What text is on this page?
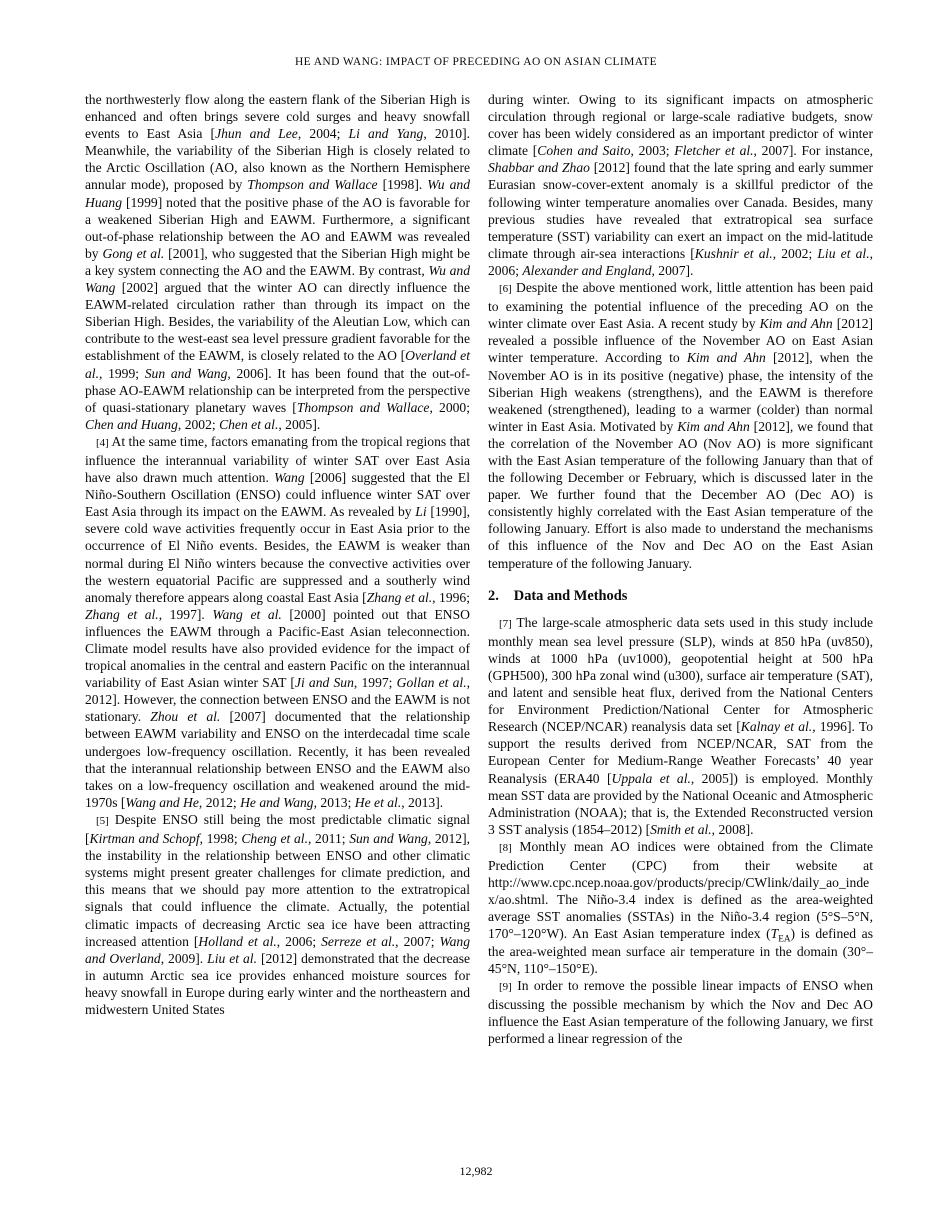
HE AND WANG: IMPACT OF PRECEDING AO ON ASIAN CLIMATE

the northwesterly flow along the eastern flank of the Siberian High is enhanced and often brings severe cold surges and heavy snowfall events to East Asia [Jhun and Lee, 2004; Li and Yang, 2010]. Meanwhile, the variability of the Siberian High is closely related to the Arctic Oscillation (AO, also known as the Northern Hemisphere annular mode), proposed by Thompson and Wallace [1998]. Wu and Huang [1999] noted that the positive phase of the AO is favorable for a weakened Siberian High and EAWM. Furthermore, a significant out-of-phase relationship between the AO and EAWM was revealed by Gong et al. [2001], who suggested that the Siberian High might be a key system connecting the AO and the EAWM. By contrast, Wu and Wang [2002] argued that the winter AO can directly influence the EAWM-related circulation rather than through its impact on the Siberian High. Besides, the variability of the Aleutian Low, which can contribute to the west-east sea level pressure gradient favorable for the establishment of the EAWM, is closely related to the AO [Overland et al., 1999; Sun and Wang, 2006]. It has been found that the out-of-phase AO-EAWM relationship can be interpreted from the perspective of quasi-stationary planetary waves [Thompson and Wallace, 2000; Chen and Huang, 2002; Chen et al., 2005].

[4] At the same time, factors emanating from the tropical regions that influence the interannual variability of winter SAT over East Asia have also drawn much attention. Wang [2006] suggested that the El Niño-Southern Oscillation (ENSO) could influence winter SAT over East Asia through its impact on the EAWM. As revealed by Li [1990], severe cold wave activities frequently occur in East Asia prior to the occurrence of El Niño events. Besides, the EAWM is weaker than normal during El Niño winters because the convective activities over the western equatorial Pacific are suppressed and a southerly wind anomaly therefore appears along coastal East Asia [Zhang et al., 1996; Zhang et al., 1997]. Wang et al. [2000] pointed out that ENSO influences the EAWM through a Pacific-East Asian teleconnection. Climate model results have also provided evidence for the impact of tropical anomalies in the central and eastern Pacific on the interannual variability of East Asian winter SAT [Ji and Sun, 1997; Gollan et al., 2012]. However, the connection between ENSO and the EAWM is not stationary. Zhou et al. [2007] documented that the relationship between EAWM variability and ENSO on the interdecadal time scale undergoes low-frequency oscillation. Recently, it has been revealed that the interannual relationship between ENSO and the EAWM also takes on a low-frequency oscillation and weakened around the mid-1970s [Wang and He, 2012; He and Wang, 2013; He et al., 2013].

[5] Despite ENSO still being the most predictable climatic signal [Kirtman and Schopf, 1998; Cheng et al., 2011; Sun and Wang, 2012], the instability in the relationship between ENSO and other climatic systems might present greater challenges for climate prediction, and this means that we should pay more attention to the extratropical signals that could influence the climate. Actually, the potential climatic impacts of decreasing Arctic sea ice have been attracting increased attention [Holland et al., 2006; Serreze et al., 2007; Wang and Overland, 2009]. Liu et al. [2012] demonstrated that the decrease in autumn Arctic sea ice provides enhanced moisture sources for heavy snowfall in Europe during early winter and the northeastern and midwestern United States

during winter. Owing to its significant impacts on atmospheric circulation through regional or large-scale radiative budgets, snow cover has been widely considered as an important predictor of winter climate [Cohen and Saito, 2003; Fletcher et al., 2007]. For instance, Shabbar and Zhao [2012] found that the late spring and early summer Eurasian snow-cover-extent anomaly is a skillful predictor of the following winter temperature anomalies over Canada. Besides, many previous studies have revealed that extratropical sea surface temperature (SST) variability can exert an impact on the mid-latitude climate through air-sea interactions [Kushnir et al., 2002; Liu et al., 2006; Alexander and England, 2007].

[6] Despite the above mentioned work, little attention has been paid to examining the potential influence of the preceding AO on the winter climate over East Asia. A recent study by Kim and Ahn [2012] revealed a possible influence of the November AO on East Asian winter temperature. According to Kim and Ahn [2012], when the November AO is in its positive (negative) phase, the intensity of the Siberian High weakens (strengthens), and the EAWM is therefore weakened (strengthened), leading to a warmer (colder) than normal winter in East Asia. Motivated by Kim and Ahn [2012], we found that the correlation of the November AO (Nov AO) is more significant with the East Asian temperature of the following January than that of the following December or February, which is discussed later in the paper. We further found that the December AO (Dec AO) is consistently highly correlated with the East Asian temperature of the following January. Effort is also made to understand the mechanisms of this influence of the Nov and Dec AO on the East Asian temperature of the following January.

2. Data and Methods

[7] The large-scale atmospheric data sets used in this study include monthly mean sea level pressure (SLP), winds at 850 hPa (uv850), winds at 1000 hPa (uv1000), geopotential height at 500 hPa (GPH500), 300 hPa zonal wind (u300), surface air temperature (SAT), and latent and sensible heat flux, derived from the National Centers for Environment Prediction/National Center for Atmospheric Research (NCEP/NCAR) reanalysis data set [Kalnay et al., 1996]. To support the results derived from NCEP/NCAR, SAT from the European Center for Medium-Range Weather Forecasts’ 40 year Reanalysis (ERA40 [Uppala et al., 2005]) is employed. Monthly mean SST data are provided by the National Oceanic and Atmospheric Administration (NOAA); that is, the Extended Reconstructed version 3 SST analysis (1854–2012) [Smith et al., 2008].

[8] Monthly mean AO indices were obtained from the Climate Prediction Center (CPC) from their website at http://www.cpc.ncep.noaa.gov/products/precip/CWlink/daily_ao_index/ao.shtml. The Niño-3.4 index is defined as the area-weighted average SST anomalies (SSTAs) in the Niño-3.4 region (5°S–5°N, 170°–120°W). An East Asian temperature index $(T_{EA})$ is defined as the area-weighted mean surface air temperature in the domain (30°–45°N, 110°–150°E).

[9] In order to remove the possible linear impacts of ENSO when discussing the possible mechanism by which the Nov and Dec AO influence the East Asian temperature of the following January, we first performed a linear regression of the

12,982
